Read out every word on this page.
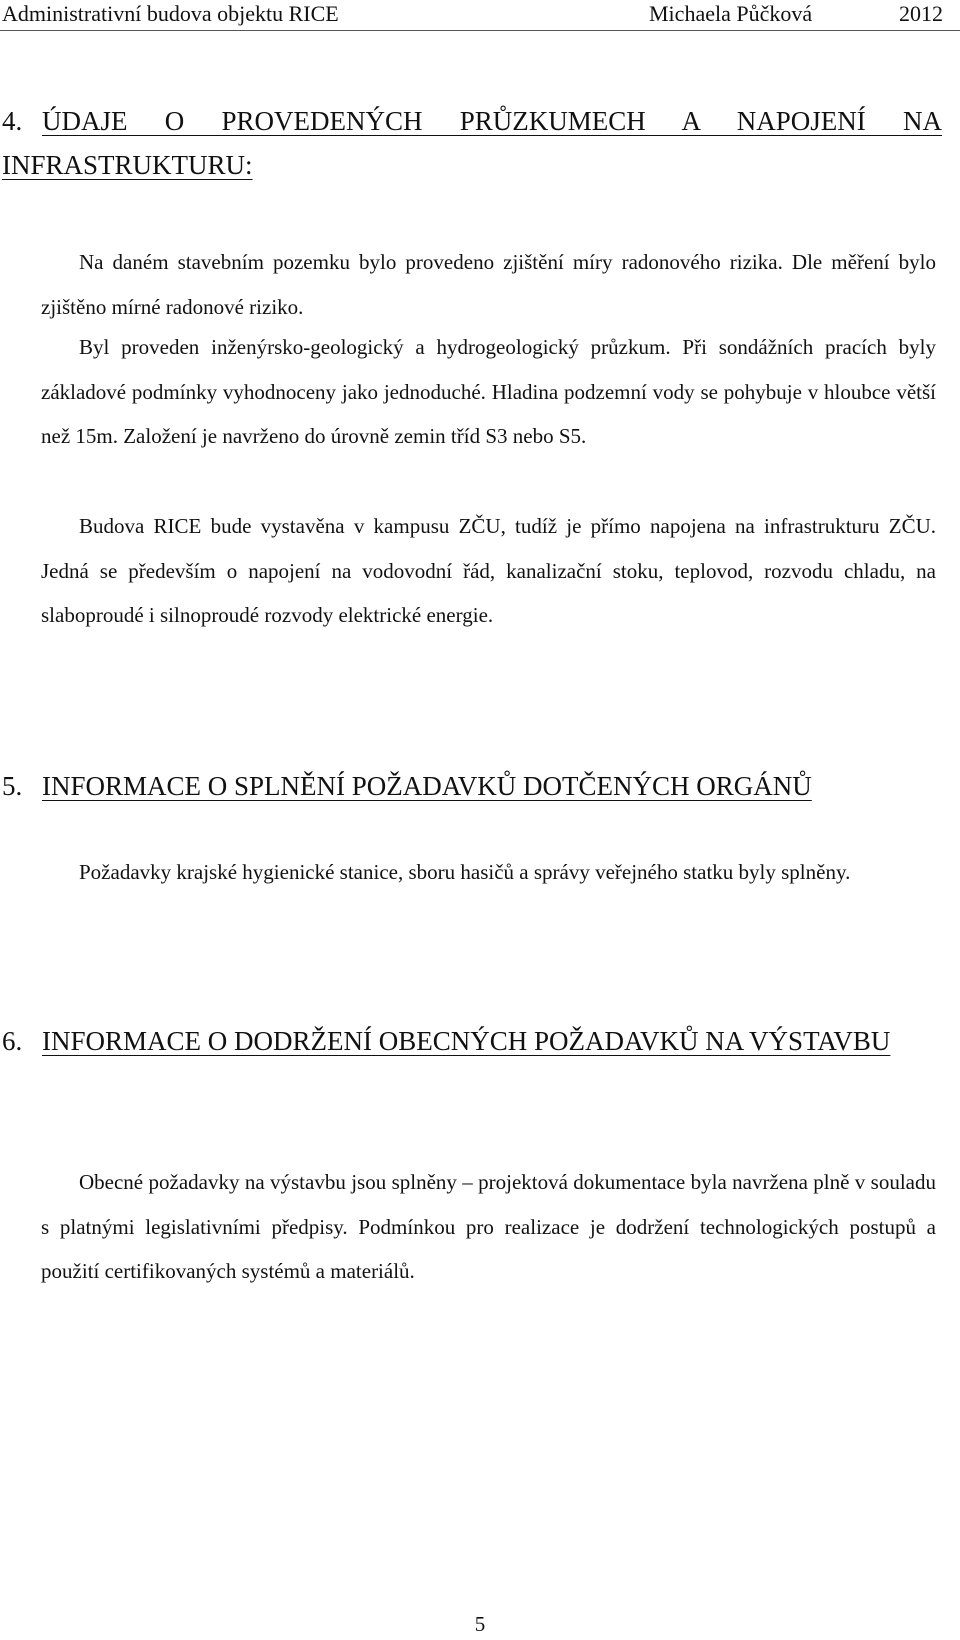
Administrativní budova objektu RICE	Michaela Půčková	2012
4. ÚDAJE O PROVEDENÝCH PRŮZKUMECH A NAPOJENÍ NA INFRASTRUKTURU:

Na daném stavebním pozemku bylo provedeno zjištění míry radonového rizika. Dle měření bylo zjištěno mírné radonové riziko.

Byl proveden inženýrsko-geologický a hydrogeologický průzkum. Při sondážních pracích byly základové podmínky vyhodnoceny jako jednoduché. Hladina podzemní vody se pohybuje v hloubce větší než 15m. Založení je navrženo do úrovně zemin tříd S3 nebo S5.

Budova RICE bude vystavěna v kampusu ZČU, tudíž je přímo napojena na infrastrukturu ZČU. Jedná se především o napojení na vodovodní řád, kanalizační stoku, teplovod, rozvodu chladu, na slaboproudé i silnoproudé rozvody elektrické energie.

5. INFORMACE O SPLNĚNÍ POŽADAVKŮ DOTČENÝCH ORGÁNŮ

Požadavky krajské hygienické stanice, sboru hasičů a správy veřejného statku byly splněny.

6. INFORMACE O DODRŽENÍ OBECNÝCH POŽADAVKŮ NA VÝSTAVBU

Obecné požadavky na výstavbu jsou splněny – projektová dokumentace byla navržena plně v souladu s platnými legislativními předpisy. Podmínkou pro realizace je dodržení technologických postupů a použití certifikovaných systémů a materiálů.

5
